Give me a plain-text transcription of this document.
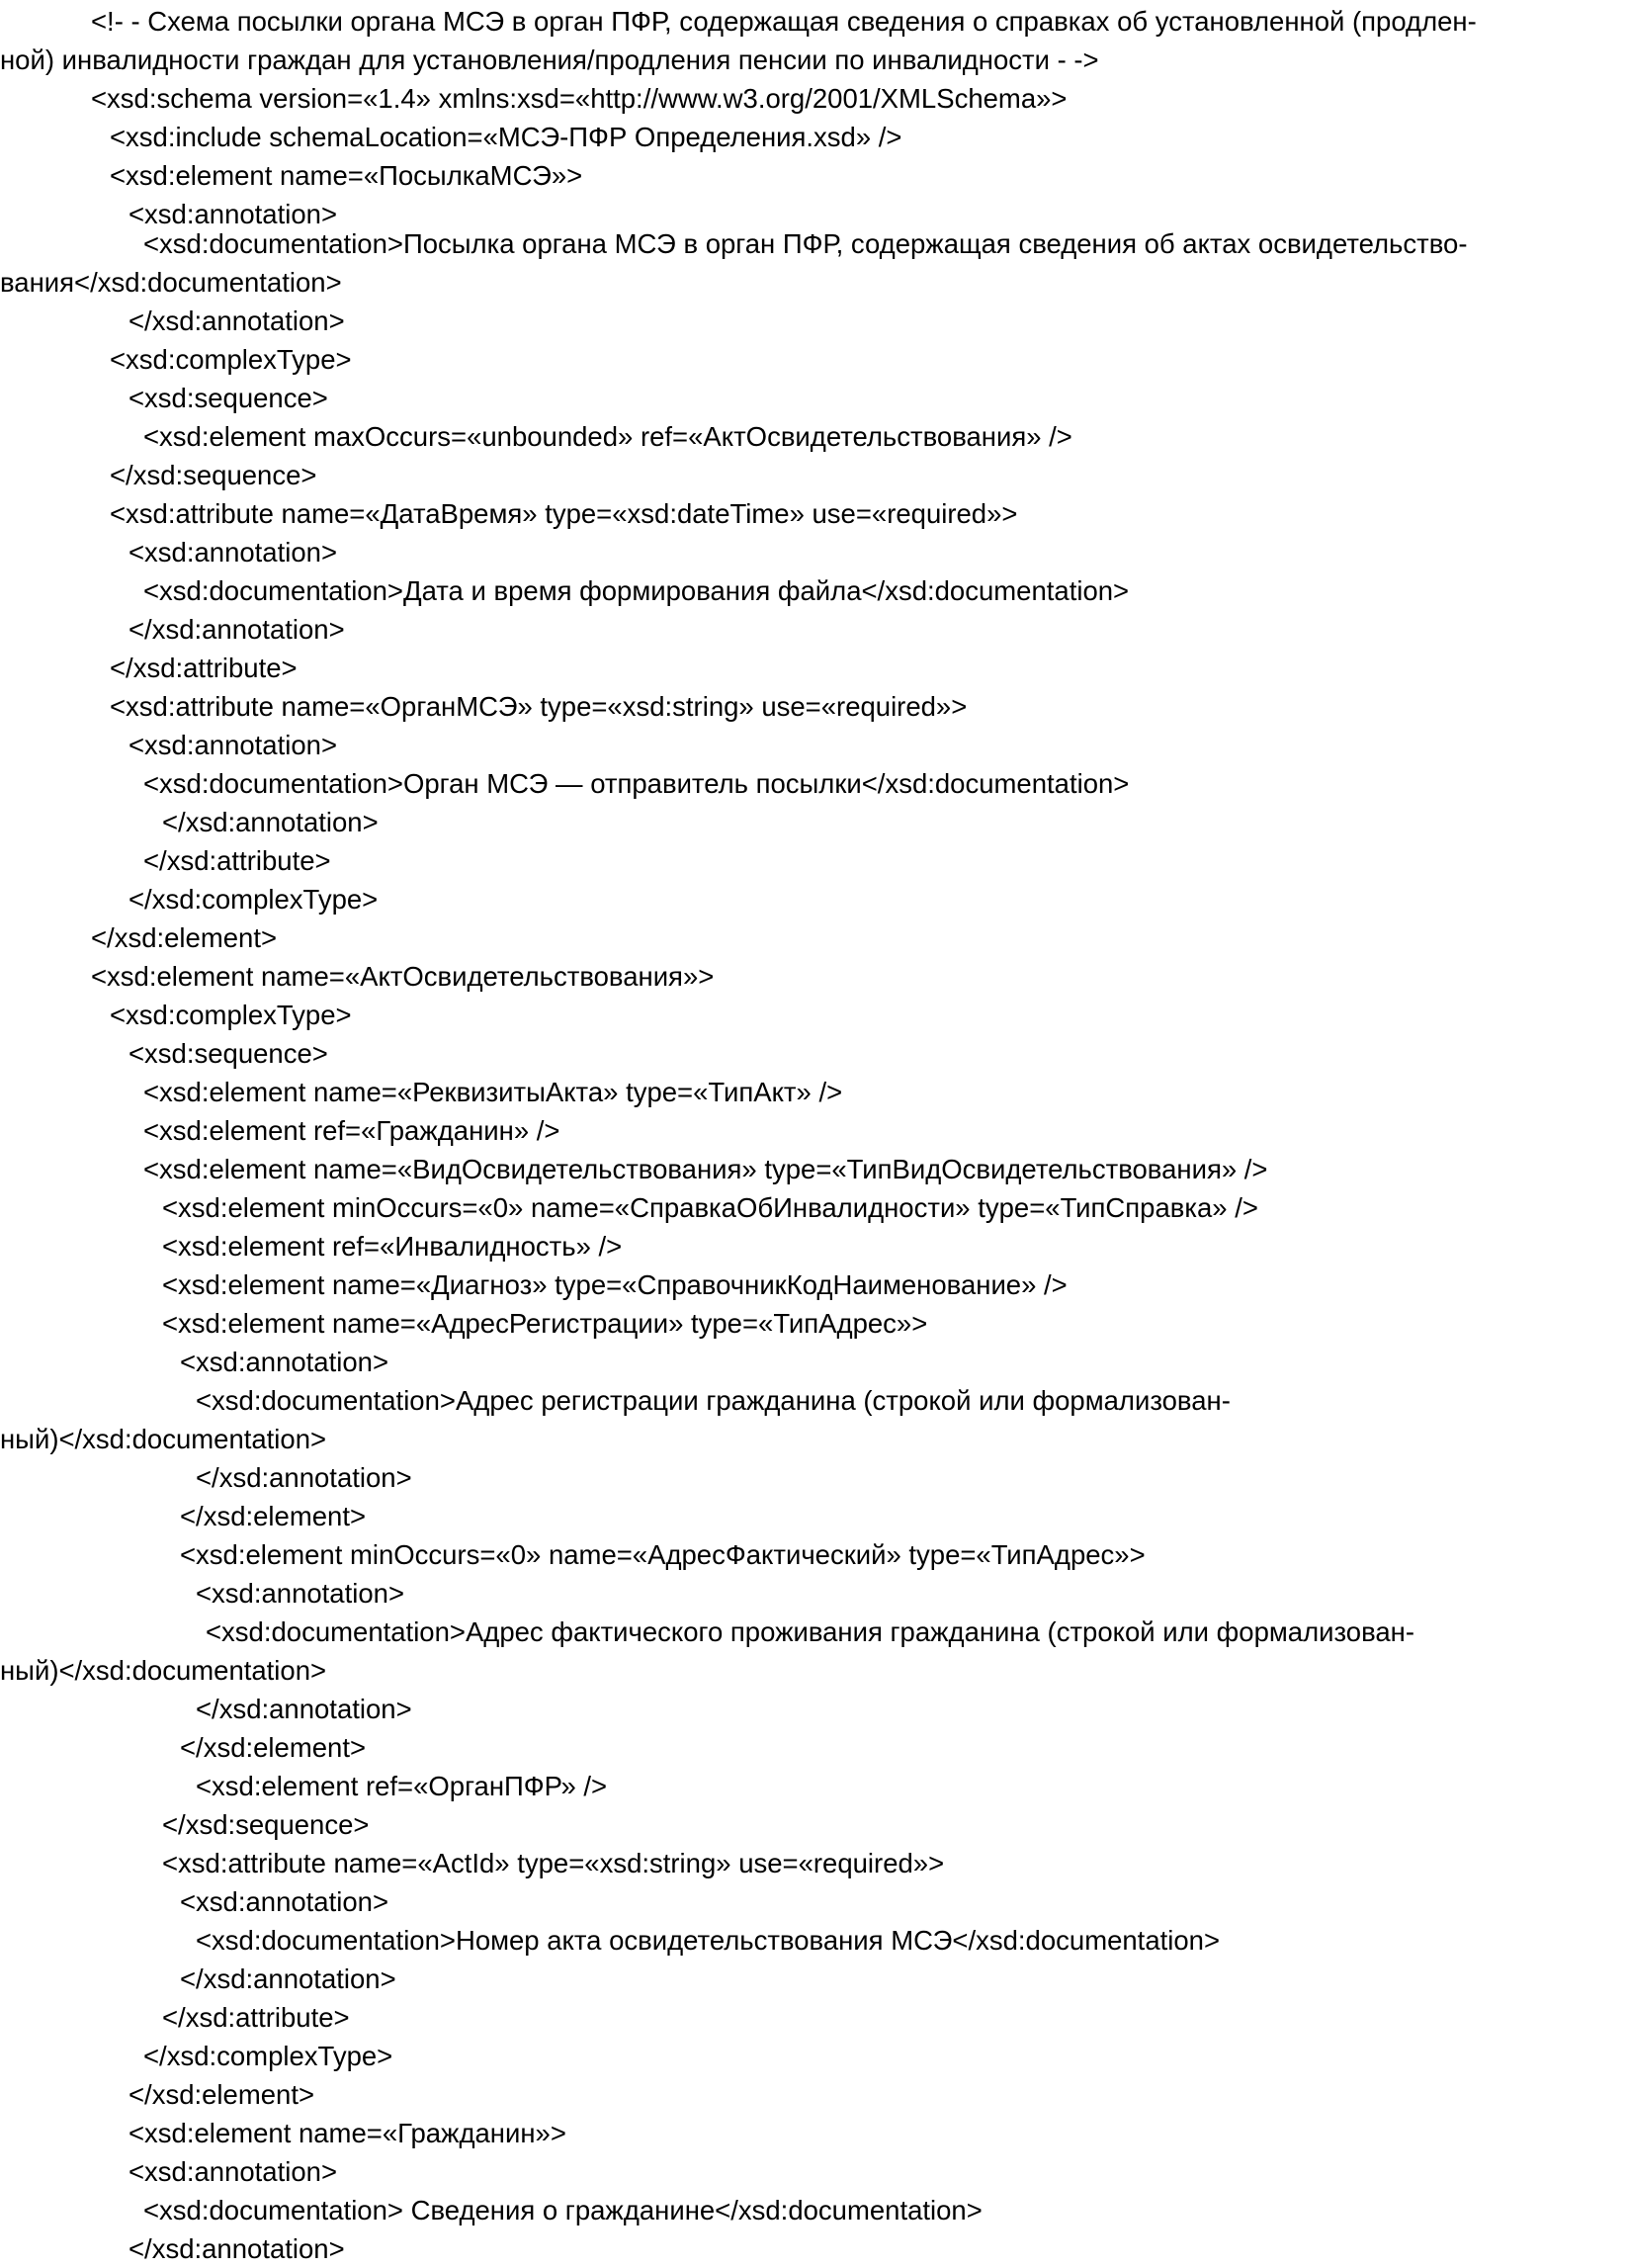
<!- - Схема посылки органа МСЭ в орган ПФР, содержащая сведения о справках об установленной (продлен-
ной) инвалидности граждан для установления/продления пенсии по инвалидности - ->
<xsd:schema version=«1.4» xmlns:xsd=«http://www.w3.org/2001/XMLSchema»>
<xsd:include schemaLocation=«МСЭ-ПФР Определения.xsd» />
<xsd:element name=«ПосылкаМСЭ»>
<xsd:annotation>
<xsd:documentation>Посылка органа МСЭ в орган ПФР, содержащая сведения об актах освидетельство-
вания</xsd:documentation>
</xsd:annotation>
<xsd:complexType>
<xsd:sequence>
<xsd:element maxOccurs=«unbounded» ref=«АктОсвидетельствования» />
</xsd:sequence>
<xsd:attribute name=«ДатаВремя» type=«xsd:dateTime» use=«required»>
<xsd:annotation>
<xsd:documentation>Дата и время формирования файла</xsd:documentation>
</xsd:annotation>
</xsd:attribute>
<xsd:attribute name=«ОрганМСЭ» type=«xsd:string» use=«required»>
<xsd:annotation>
<xsd:documentation>Орган МСЭ — отправитель посылки</xsd:documentation>
</xsd:annotation>
</xsd:attribute>
</xsd:complexType>
</xsd:element>
<xsd:element name=«АктОсвидетельствования»>
<xsd:complexType>
<xsd:sequence>
<xsd:element name=«РеквизитыАкта» type=«ТипАкт» />
<xsd:element ref=«Гражданин» />
<xsd:element name=«ВидОсвидетельствования» type=«ТипВидОсвидетельствования» />
<xsd:element minOccurs=«0» name=«СправкаОбИнвалидности» type=«ТипСправка» />
<xsd:element ref=«Инвалидность» />
<xsd:element name=«Диагноз» type=«СправочникКодНаименование» />
<xsd:element name=«АдресРегистрации» type=«ТипАдрес»>
<xsd:annotation>
<xsd:documentation>Адрес регистрации гражданина (строкой или формализован-
ный)</xsd:documentation>
</xsd:annotation>
</xsd:element>
<xsd:element minOccurs=«0» name=«АдресФактический» type=«ТипАдрес»>
<xsd:annotation>
<xsd:documentation>Адрес фактического проживания гражданина (строкой или формализован-
ный)</xsd:documentation>
</xsd:annotation>
</xsd:element>
<xsd:element ref=«ОрганПФР» />
</xsd:sequence>
<xsd:attribute name=«ActId» type=«xsd:string» use=«required»>
<xsd:annotation>
<xsd:documentation>Номер акта освидетельствования МСЭ</xsd:documentation>
</xsd:annotation>
</xsd:attribute>
</xsd:complexType>
</xsd:element>
<xsd:element name=«Гражданин»>
<xsd:annotation>
<xsd:documentation> Сведения о гражданине</xsd:documentation>
</xsd:annotation>
